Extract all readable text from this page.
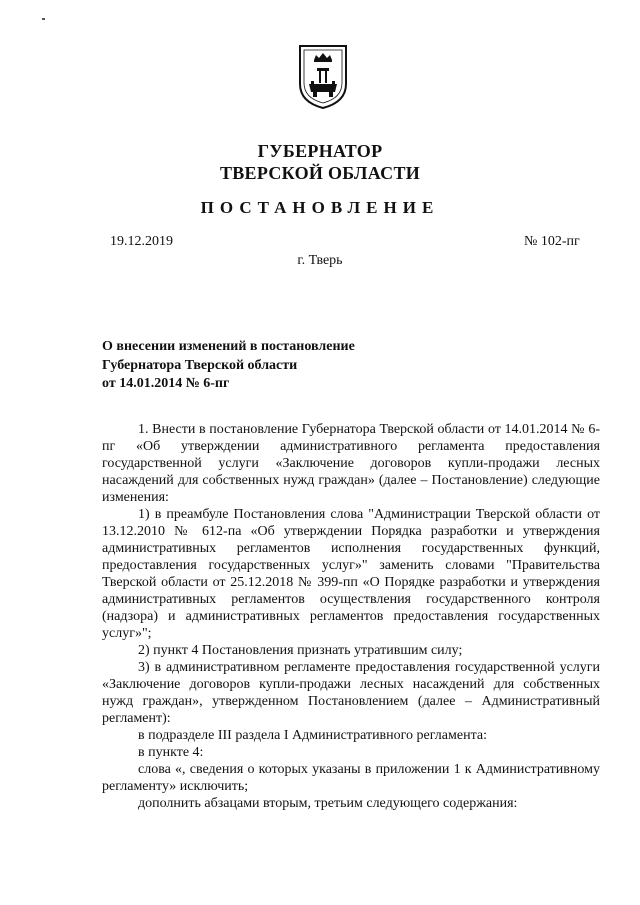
ГУБЕРНАТОР
ТВЕРСКОЙ ОБЛАСТИ
ПОСТАНОВЛЕНИЕ
19.12.2019	№ 102-пг
г. Тверь
О внесении изменений в постановление
Губернатора Тверской области
от 14.01.2014 № 6-пг

1. Внести в постановление Губернатора Тверской области от 14.01.2014 № 6-пг «Об утверждении административного регламента предоставления государственной услуги «Заключение договоров купли-продажи лесных насаждений для собственных нужд граждан» (далее – Постановление) следующие изменения:

1) в преамбуле Постановления слова "Администрации Тверской области от 13.12.2010 № 612-па «Об утверждении Порядка разработки и утверждения административных регламентов исполнения государственных функций, предоставления государственных услуг»" заменить словами "Правительства Тверской области от 25.12.2018 № 399-пп «О Порядке разработки и утверждения административных регламентов осуществления государственного контроля (надзора) и административных регламентов предоставления государственных услуг»";

2) пункт 4 Постановления признать утратившим силу;

3) в административном регламенте предоставления государственной услуги «Заключение договоров купли-продажи лесных насаждений для собственных нужд граждан», утвержденном Постановлением (далее – Административный регламент):

в подразделе III раздела I Административного регламента:

в пункте 4:

слова «, сведения о которых указаны в приложении 1 к Административному регламенту» исключить;

дополнить абзацами вторым, третьим следующего содержания:
